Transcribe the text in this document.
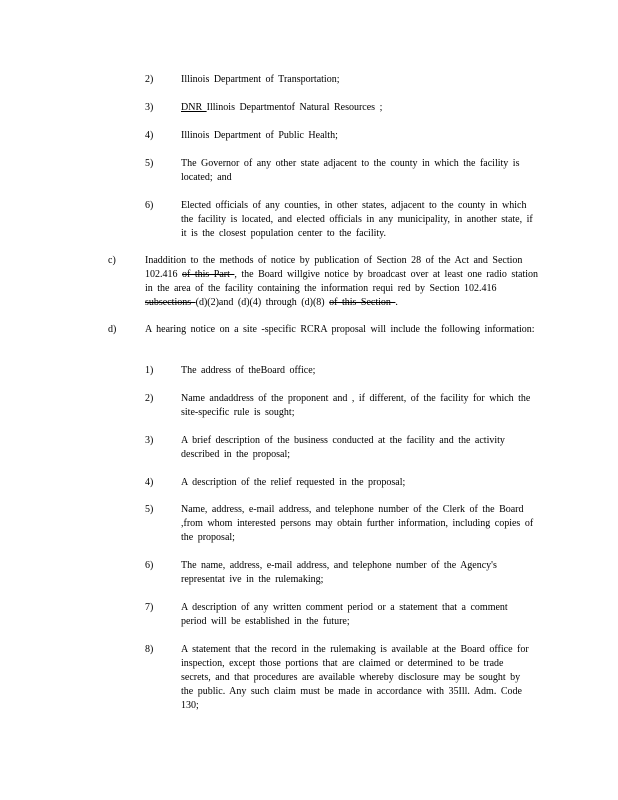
2)	Illinois Department of Transportation;
3)	DNR Illinois Departmentof Natural Resources ;
4)	Illinois Department of Public Health;
5)	The Governor of any other state adjacent to the county in which the facility is located; and
6)	Elected officials of any counties, in other states, adjacent to the county in which the facility is located, and elected officials in any municipality, in another state, if it is the closest population center to the facility.
c)	Inaddition to the methods of notice by publication of Section 28 of the Act and Section 102.416 of this Part , the Board willgive notice by broadcast over at least one radio station in the area of the facility containing the information requi red by Section 102.416 subsections (d)(2)and (d)(4) through (d)(8) of this Section .
d)	A hearing notice on a site -specific RCRA proposal will include the following information:
1)	The address of theBoard office;
2)	Name andaddress of the proponent and , if different, of the facility for which the site-specific rule is sought;
3)	A brief description of the business conducted at the facility and the activity described in the proposal;
4)	A description of the relief requested in the proposal;
5)	Name, address, e-mail address, and telephone number of the Clerk of the Board ,from whom interested persons may obtain further information, including copies of the proposal;
6)	The name, address, e-mail address, and telephone number of the Agency's representat ive in the rulemaking;
7)	A description of any written comment period or a statement that a comment period will be established in the future;
8)	A statement that the record in the rulemaking is available at the Board office for inspection, except those portions that are claimed or determined to be trade secrets, and that procedures are available whereby disclosure may be sought by the public. Any such claim must be made in accordance with 35Ill. Adm. Code 130;
